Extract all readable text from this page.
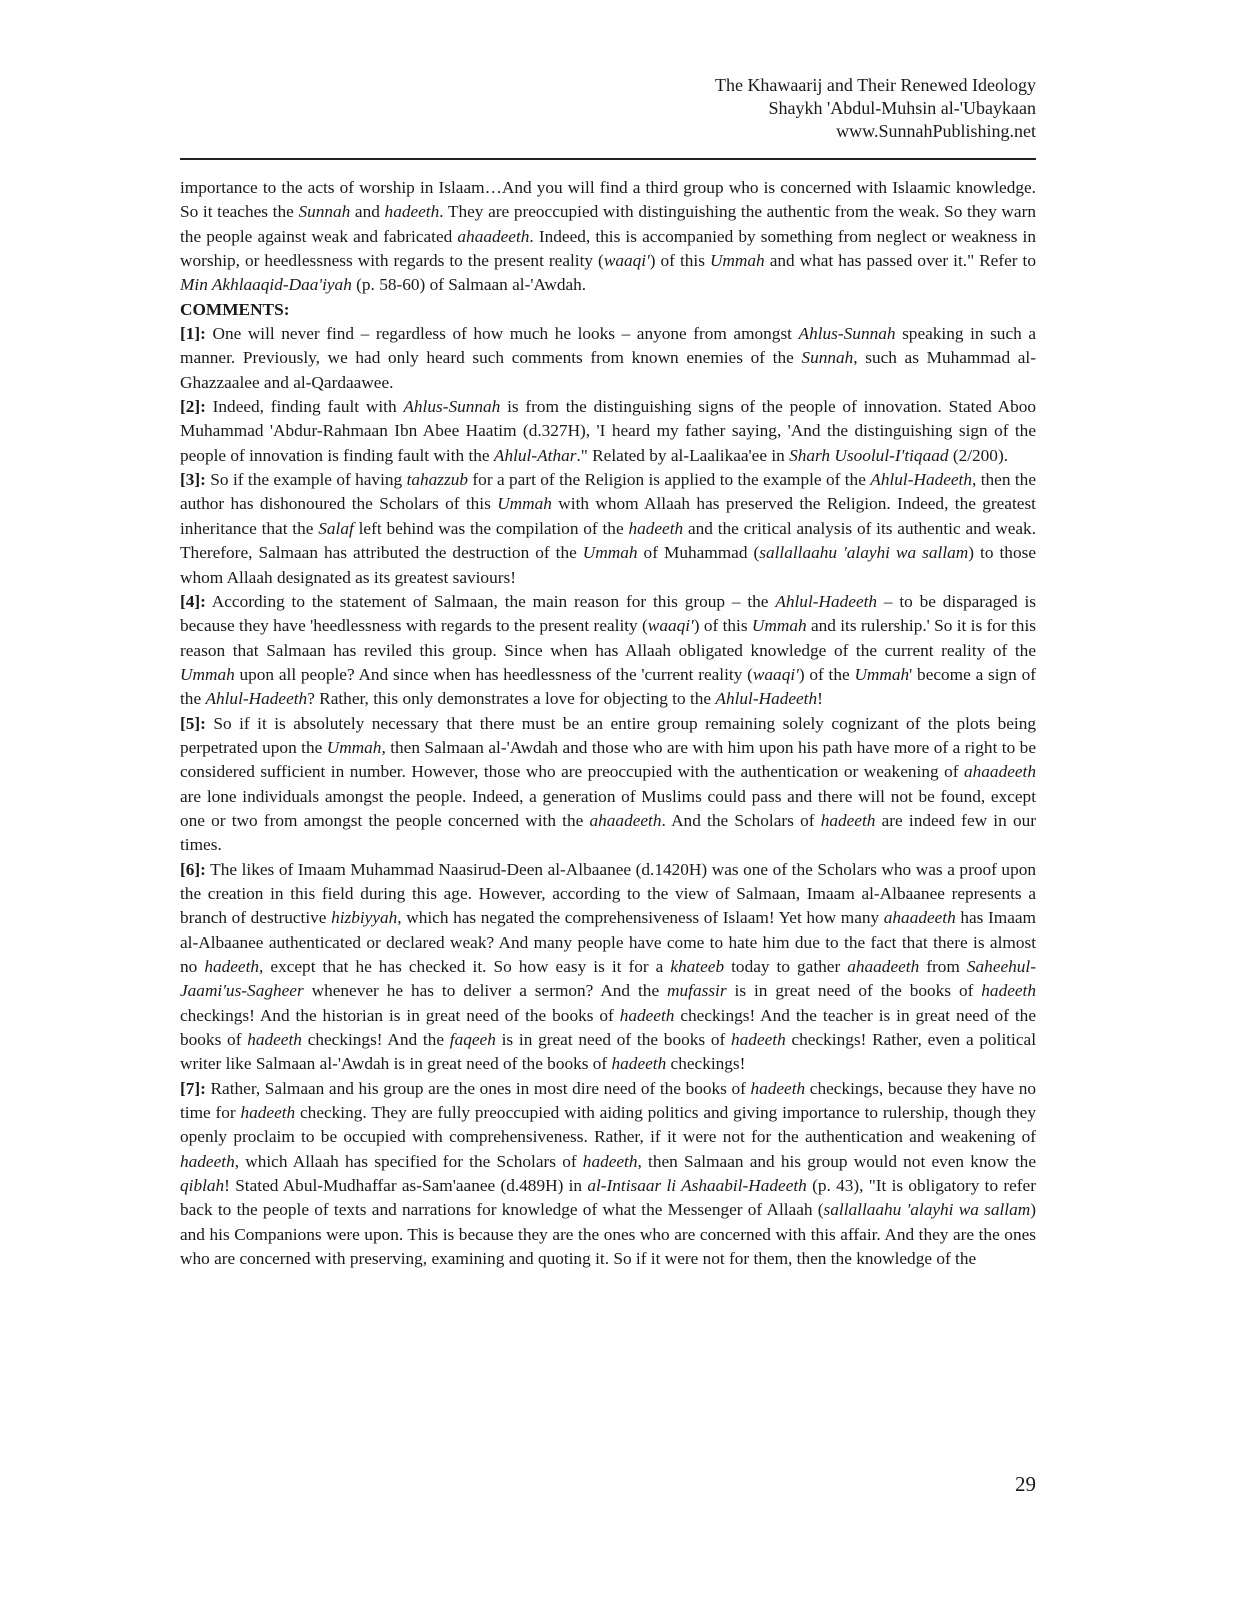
The Khawaarij and Their Renewed Ideology
Shaykh 'Abdul-Muhsin al-'Ubaykaan
www.SunnahPublishing.net

importance to the acts of worship in Islaam…And you will find a third group who is concerned with Islaamic knowledge. So it teaches the Sunnah and hadeeth. They are preoccupied with distinguishing the authentic from the weak. So they warn the people against weak and fabricated ahaadeeth. Indeed, this is accompanied by something from neglect or weakness in worship, or heedlessness with regards to the present reality (waaqi') of this Ummah and what has passed over it." Refer to Min Akhlaaqid-Daa'iyah (p. 58-60) of Salmaan al-'Awdah.

COMMENTS:

[1]: One will never find – regardless of how much he looks – anyone from amongst Ahlus-Sunnah speaking in such a manner. Previously, we had only heard such comments from known enemies of the Sunnah, such as Muhammad al-Ghazzaalee and al-Qardaawee.

[2]: Indeed, finding fault with Ahlus-Sunnah is from the distinguishing signs of the people of innovation. Stated Aboo Muhammad 'Abdur-Rahmaan Ibn Abee Haatim (d.327H), 'I heard my father saying, 'And the distinguishing sign of the people of innovation is finding fault with the Ahlul-Athar." Related by al-Laalikaa'ee in Sharh Usoolul-I'tiqaad (2/200).

[3]: So if the example of having tahazzub for a part of the Religion is applied to the example of the Ahlul-Hadeeth, then the author has dishonoured the Scholars of this Ummah with whom Allaah has preserved the Religion. Indeed, the greatest inheritance that the Salaf left behind was the compilation of the hadeeth and the critical analysis of its authentic and weak. Therefore, Salmaan has attributed the destruction of the Ummah of Muhammad (sallallaahu 'alayhi wa sallam) to those whom Allaah designated as its greatest saviours!

[4]: According to the statement of Salmaan, the main reason for this group – the Ahlul-Hadeeth – to be disparaged is because they have 'heedlessness with regards to the present reality (waaqi') of this Ummah and its rulership.' So it is for this reason that Salmaan has reviled this group. Since when has Allaah obligated knowledge of the current reality of the Ummah upon all people? And since when has heedlessness of the 'current reality (waaqi') of the Ummah' become a sign of the Ahlul-Hadeeth? Rather, this only demonstrates a love for objecting to the Ahlul-Hadeeth!

[5]: So if it is absolutely necessary that there must be an entire group remaining solely cognizant of the plots being perpetrated upon the Ummah, then Salmaan al-'Awdah and those who are with him upon his path have more of a right to be considered sufficient in number. However, those who are preoccupied with the authentication or weakening of ahaadeeth are lone individuals amongst the people. Indeed, a generation of Muslims could pass and there will not be found, except one or two from amongst the people concerned with the ahaadeeth. And the Scholars of hadeeth are indeed few in our times.

[6]: The likes of Imaam Muhammad Naasirud-Deen al-Albaanee (d.1420H) was one of the Scholars who was a proof upon the creation in this field during this age. However, according to the view of Salmaan, Imaam al-Albaanee represents a branch of destructive hizbiyyah, which has negated the comprehensiveness of Islaam! Yet how many ahaadeeth has Imaam al-Albaanee authenticated or declared weak? And many people have come to hate him due to the fact that there is almost no hadeeth, except that he has checked it. So how easy is it for a khateeb today to gather ahaadeeth from Saheehul-Jaami'us-Sagheer whenever he has to deliver a sermon? And the mufassir is in great need of the books of hadeeth checkings! And the historian is in great need of the books of hadeeth checkings! And the teacher is in great need of the books of hadeeth checkings! And the faqeeh is in great need of the books of hadeeth checkings! Rather, even a political writer like Salmaan al-'Awdah is in great need of the books of hadeeth checkings!

[7]: Rather, Salmaan and his group are the ones in most dire need of the books of hadeeth checkings, because they have no time for hadeeth checking. They are fully preoccupied with aiding politics and giving importance to rulership, though they openly proclaim to be occupied with comprehensiveness. Rather, if it were not for the authentication and weakening of hadeeth, which Allaah has specified for the Scholars of hadeeth, then Salmaan and his group would not even know the qiblah! Stated Abul-Mudhaffar as-Sam'aanee (d.489H) in al-Intisaar li Ashaabil-Hadeeth (p. 43), "It is obligatory to refer back to the people of texts and narrations for knowledge of what the Messenger of Allaah (sallallaahu 'alayhi wa sallam) and his Companions were upon. This is because they are the ones who are concerned with this affair. And they are the ones who are concerned with preserving, examining and quoting it. So if it were not for them, then the knowledge of the

29
